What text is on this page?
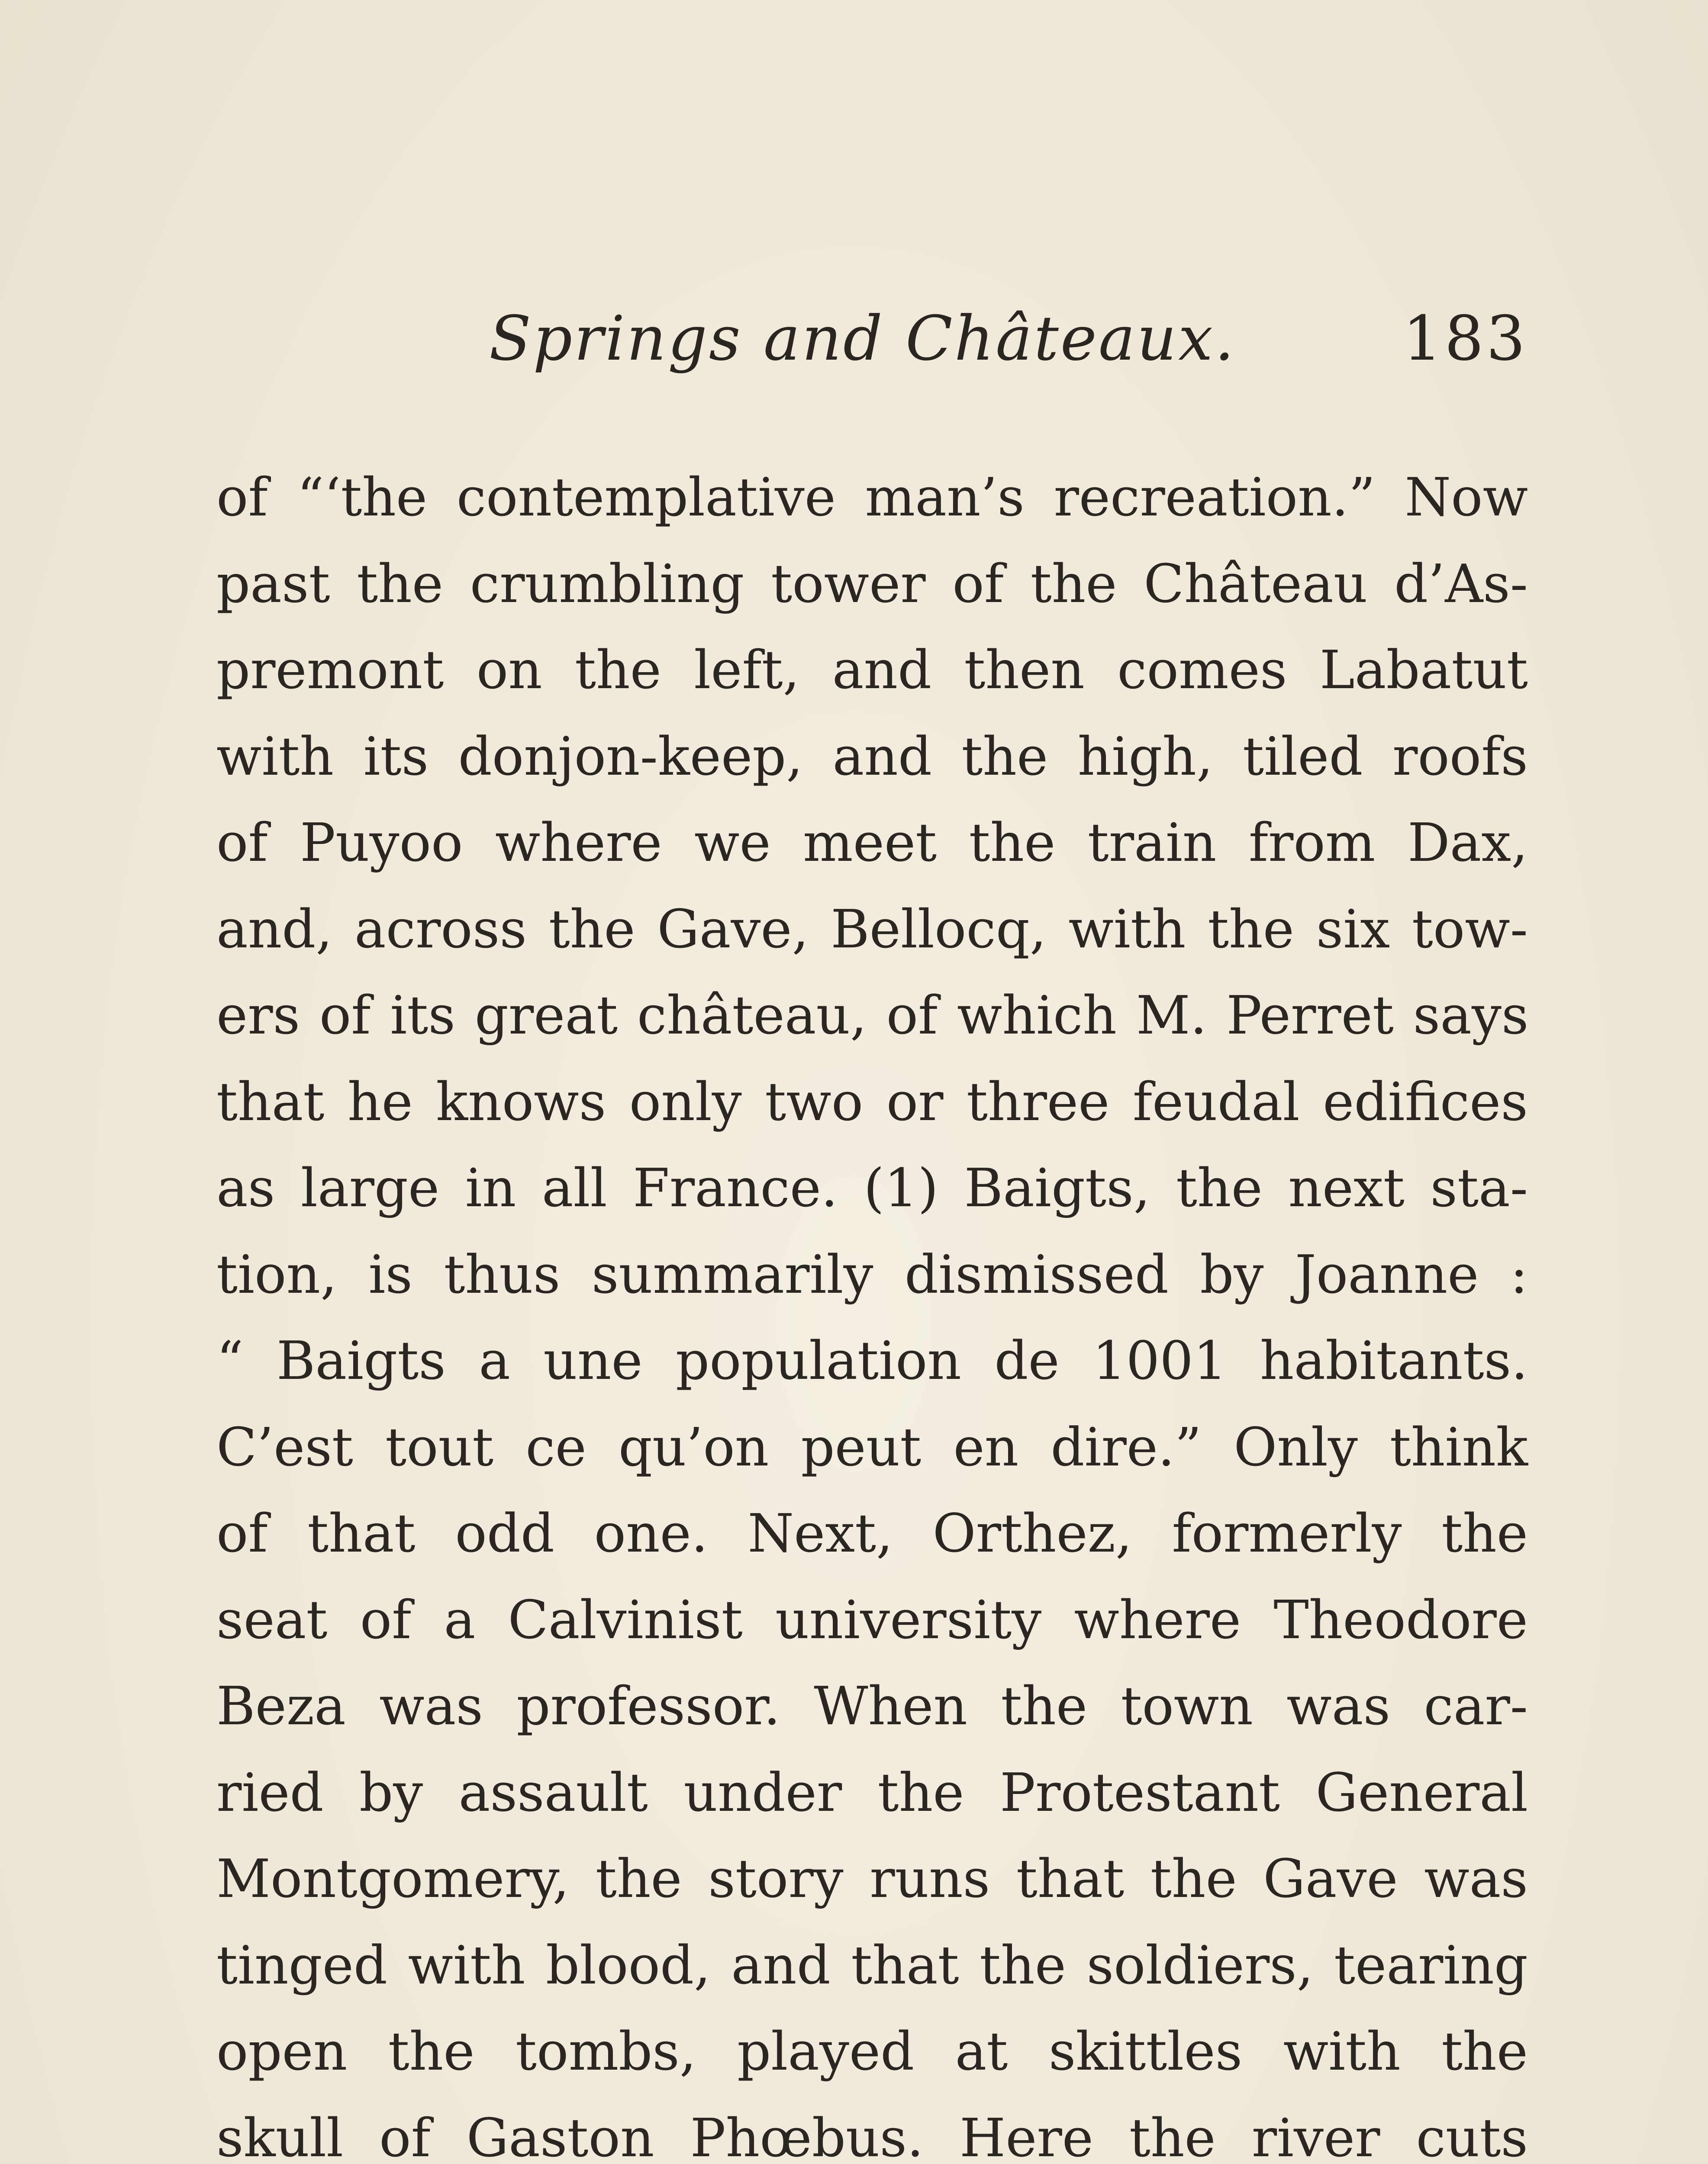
Springs and Châteaux.	183
of “‘the contemplative man’s recreation.” Now
past the crumbling tower of the Château d’As-
premont on the left, and then comes Labatut
with its donjon-keep, and the high, tiled roofs
of Puyoo where we meet the train from Dax,
and, across the Gave, Bellocq, with the six tow-
ers of its great château, of which M. Perret says
that he knows only two or three feudal edifices
as large in all France. (1) Baigts, the next sta-
tion, is thus summarily dismissed by Joanne :
“ Baigts a une population de 1001 habitants.
C’est tout ce qu’on peut en dire.” Only think
of that odd one. Next, Orthez, formerly the
seat of a Calvinist university where Theodore
Beza was professor. When the town was car-
ried by assault under the Protestant General
Montgomery, the story runs that the Gave was
tinged with blood, and that the soldiers, tearing
open the tombs, played at skittles with the
skull of Gaston Phœbus. Here the river cuts
